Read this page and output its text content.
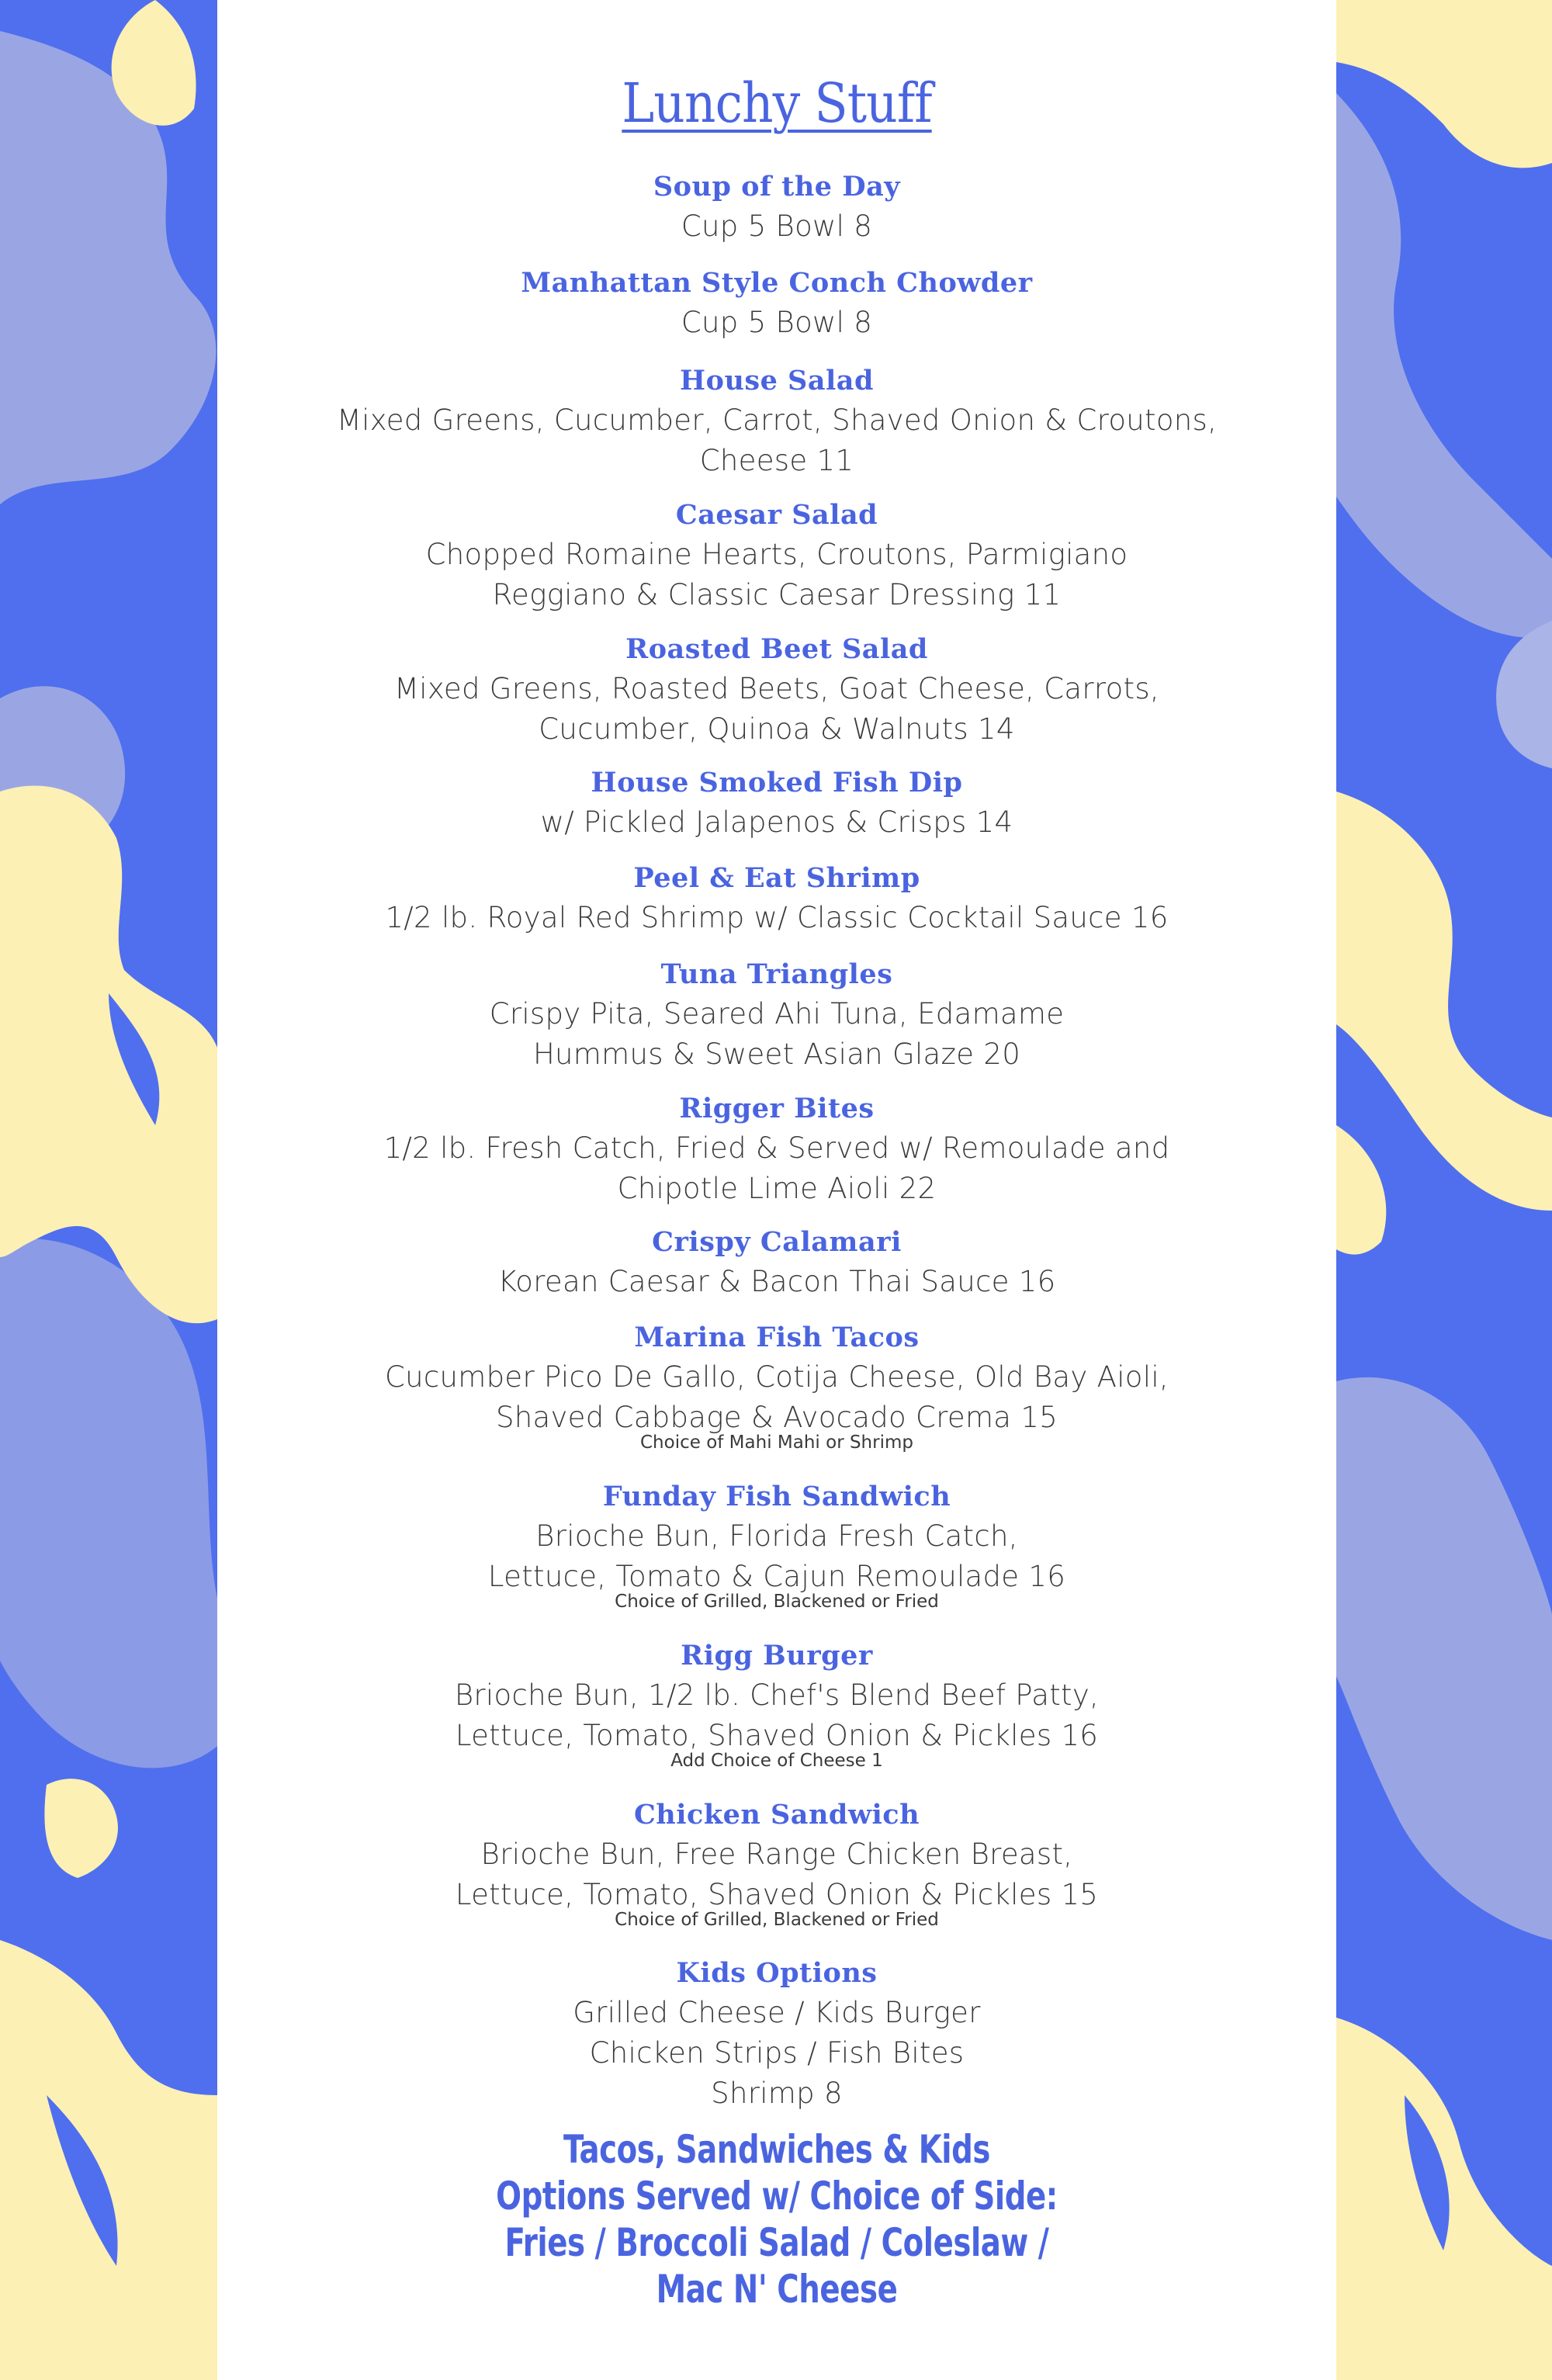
Lunchy Stuff
Soup of the Day
Cup 5 Bowl 8
Manhattan Style Conch Chowder
Cup 5 Bowl 8
House Salad
Mixed Greens, Cucumber, Carrot, Shaved Onion & Croutons,
Cheese 11
Caesar Salad
Chopped Romaine Hearts, Croutons, Parmigiano
Reggiano & Classic Caesar Dressing 11
Roasted Beet Salad
Mixed Greens, Roasted Beets, Goat Cheese, Carrots,
Cucumber, Quinoa & Walnuts 14
House Smoked Fish Dip
w/ Pickled Jalapenos & Crisps 14
Peel & Eat Shrimp
1/2 lb. Royal Red Shrimp w/ Classic Cocktail Sauce 16
Tuna Triangles
Crispy Pita, Seared Ahi Tuna, Edamame
Hummus & Sweet Asian Glaze 20
Rigger Bites
1/2 lb. Fresh Catch, Fried & Served w/ Remoulade and
Chipotle Lime Aioli 22
Crispy Calamari
Korean Caesar & Bacon Thai Sauce 16
Marina Fish Tacos
Cucumber Pico De Gallo, Cotija Cheese, Old Bay Aioli,
Shaved Cabbage & Avocado Crema 15
Choice of Mahi Mahi or Shrimp
Funday Fish Sandwich
Brioche Bun, Florida Fresh Catch,
Lettuce, Tomato & Cajun Remoulade 16
Choice of Grilled, Blackened or Fried
Rigg Burger
Brioche Bun, 1/2 lb. Chef's Blend Beef Patty,
Lettuce, Tomato, Shaved Onion & Pickles 16
Add Choice of Cheese 1
Chicken Sandwich
Brioche Bun, Free Range Chicken Breast,
Lettuce, Tomato, Shaved Onion & Pickles 15
Choice of Grilled, Blackened or Fried
Kids Options
Grilled Cheese / Kids Burger
Chicken Strips / Fish Bites
Shrimp 8
Tacos, Sandwiches & Kids
Options Served w/ Choice of Side:
Fries / Broccoli Salad / Coleslaw /
Mac N' Cheese
